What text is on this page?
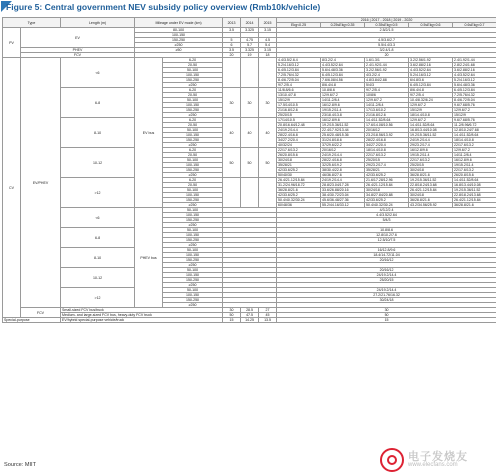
Figure 5: Central government NEV subsidy policy overview (Rmb10k/vehicle)
Type		Length (m)	Mileage under EV mode (km)		2013	2014	2015	2016 | 2017 - 2018 | 2019 - 2020				
								Ekg<0.25	0.25≤Ekg<0.35	0.35≤Ekg<0.5	0.5≤Ekg<0.6	0.6≤Ekg<0.7
PV	EV		80-100		3.5	3.325	3.15	2.5/2/1.5				
			100-150									
			150-250		5	4.75	4.5	4.5/3.6/2.7				
			≥250		6	5.7	5.4	5.5/4.4/3.3				
	PHEV		≥50		3.5	3.325	3.15	3/2.4/1.8				
	FCV				20	19	18	20				
CV	EV/PHEV	<6	EV bus	6-20				4.4/3.5/2.6.4	8/3.2/2.4	1.6/1.3/1	3.2/2.56/1.92	2.4/1.92/1.44
				20-50				5.2/4.16/3.12	4.4/3.52/2.64	2.4/1.92/1.44	3.6/2.88/2.16	2.8/2.24/1.68
				50-100				6.4/5.12/3.84	5.6/4.48/3.36	3.2/2.56/1.92	4.4/3.52/2.64	3.6/2.88/2.16
				100-150				7.2/5.76/4.32	6.4/5.12/3.84	4/3.2/2.4	5.2/4.16/3.12	4.4/3.52/2.64
				150-250				8.4/6.72/5.04	7.6/6.08/4.56	4.8/3.84/2.88	6/4.8/3.6	5.2/4.16/3.12
				≥250				9/7.2/5.4	8/6.4/4.8	5/4/3	6.4/5.12/3.84	5.6/4.48/3.36
		6-8		6-20	30	30	30	11/8.8/6.6	10.8/8.6	9/7.2/5.4	8/6.4/4.8	6.4/5.12/3.84
				20-50				13/10.4/7.8	12/9.6/7.2	10/8/6	9/7.2/5.4	7.2/5.76/4.32
				50-100				15/12/9	14/11.2/8.4	12/9.6/7.2	10.4/8.32/6.24	8.4/6.72/5.04
				100-150				17.5/14/10.5	16/12.8/9.6	14/11.2/8.4	12/9.6/7.2	9.6/7.68/5.76
				150-250				21/16.8/12.6	19/15.2/11.4	17/13.6/10.2	15/12/9	12/9.6/7.2
				≥250				25/20/15	23/18.4/13.8	21/16.8/12.6	18/14.4/10.8	15/12/9
		8-10		6-20	40	40	40	17/14/10.5	16/12.8/9.6	14.4/11.52/8.64	12/9.6/7.2	9.6/7.68/5.76
				20-50				20.8/16.64/12.48	19.2/15.36/11.52	17.6/14.08/10.56	14.4/11.52/8.64	11.2/8.96/6.72
				50-100				24/19.2/14.4	22.4/17.92/13.44	20/16/12	16.8/13.44/10.08	12.8/10.24/7.68
				100-150				28/22.4/16.8	25.6/20.48/15.36	23.2/18.56/13.92	19.2/15.36/11.52	14.4/11.52/8.64
				150-250				34/27.2/20.4	31/24.8/18.6	28/22.4/16.8	24/19.2/14.4	18/14.4/10.8
				≥250				40/32/24	37/29.6/22.2	34/27.2/20.4	29/23.2/17.4	22/17.6/13.2
		10-12		6-20	50	50	50	22/17.6/13.2	20/16/12	18/14.4/10.8	16/12.8/9.6	12/9.6/7.2
				20-50				26/20.8/15.6	24/19.2/14.4	22/17.6/13.2	19/15.2/11.4	14/11.2/8.4
				50-100				30/24/18	28/22.4/16.8	25/20/15	22/17.6/13.2	16/12.8/9.6
				100-150				35/28/21	32/25.6/19.2	29/23.2/17.4	25/20/15	19/15.2/11.4
				150-250				42/33.6/25.2	38/30.4/22.8	35/28/21	30/24/18	22/17.6/13.2
				≥250				50/40/30	46/36.8/27.6	42/33.6/25.2	36/28.8/21.6	26/20.8/15.6
		>12		6-20				26.4/21.12/15.84	24/19.2/14.4	21.6/17.28/12.96	19.2/15.36/11.52	14.4/11.52/8.64
				20-50				31.2/24.96/18.72	28.8/23.04/17.28	26.4/21.12/15.84	22.8/18.24/13.68	16.8/13.44/10.08
				50-100				36/28.8/21.6	33.6/26.88/20.16	30/24/18	26.4/21.12/15.84	19.2/15.36/11.52
				100-150				42/33.6/25.2	38.4/30.72/23.04	34.8/27.84/20.88	30/24/18	22.8/18.24/13.68
				150-250				50.4/40.32/30.24	45.6/36.48/27.36	42/33.6/25.2	36/28.8/21.6	26.4/21.12/15.84
				≥250				60/48/36	55.2/44.16/33.12	50.4/40.32/30.24	43.2/34.56/25.92	36/28.8/21.6
		<6	PHEV bus	50-100				4/3.2/2.4				
				100-150				4.4/3.52/2.64				
				150-250				5/4/3				
				≥250								
		6-8		50-100				10.8/8.6				
				100-150				12.8/10.2/7.6				
				150-250				12.5/10/7.5				
				≥250								
		8-10		50-100				16/12.8/9.6				
				100-150				18.4/14.72/11.04				
				150-250				20/16/12				
				≥250								
		10-12		50-100				20/16/12				
				100-150				24/19.2/14.4				
				150-250				25/20/15				
				≥250								
		>12		50-100				24/19.2/14.4				
				100-150				27.2/21.76/16.32				
				150-250				30/24/18				
				≥250								
	FCV	Small-sized FCV bus/truck			30	28.5	27	30				
		Medium- and large-sized FCV bus, heavy-duty FCV truck			50	47.5	45	50				
Special-purpose		EV/hybrid special-purpose vehicle/truck			15	14.25	13.5	15				
Source: MIIT
电子发烧友
www.elecfans.com
